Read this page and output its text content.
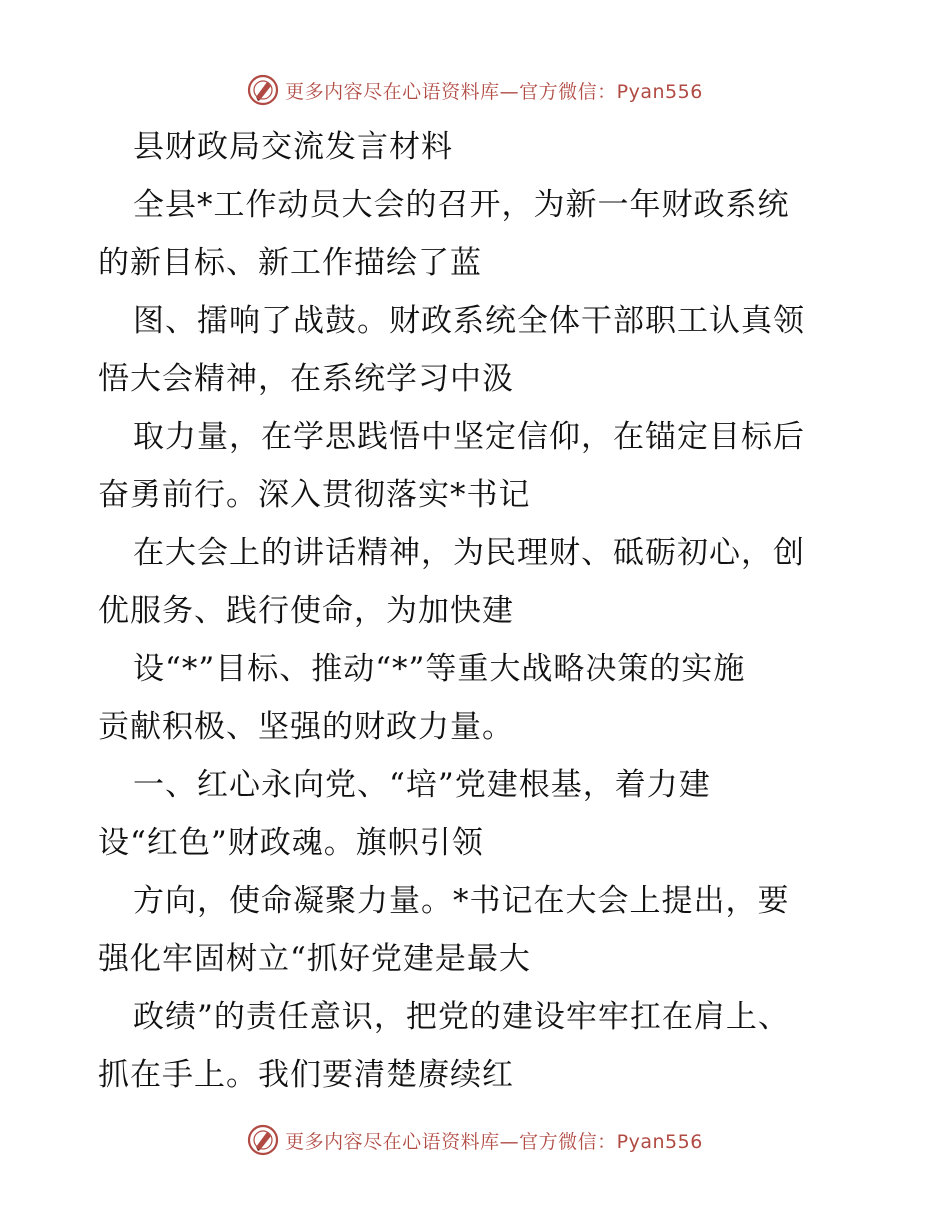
更多内容尽在心语资料库—官方微信：Pyan556
县财政局交流发言材料
全县*工作动员大会的召开，为新一年财政系统
的新目标、新工作描绘了蓝
图、擂响了战鼓。财政系统全体干部职工认真领
悟大会精神，在系统学习中汲
取力量，在学思践悟中坚定信仰，在锚定目标后
奋勇前行。深入贯彻落实*书记
在大会上的讲话精神，为民理财、砥砺初心，创
优服务、践行使命，为加快建
设“*”目标、推动“*”等重大战略决策的实施
贡献积极、坚强的财政力量。
一、红心永向党、“培”党建根基，着力建
设“红色”财政魂。旗帜引领
方向，使命凝聚力量。*书记在大会上提出，要
强化牢固树立“抓好党建是最大
政绩”的责任意识，把党的建设牢牢扛在肩上、
抓在手上。我们要清楚赓续红
更多内容尽在心语资料库—官方微信：Pyan556
